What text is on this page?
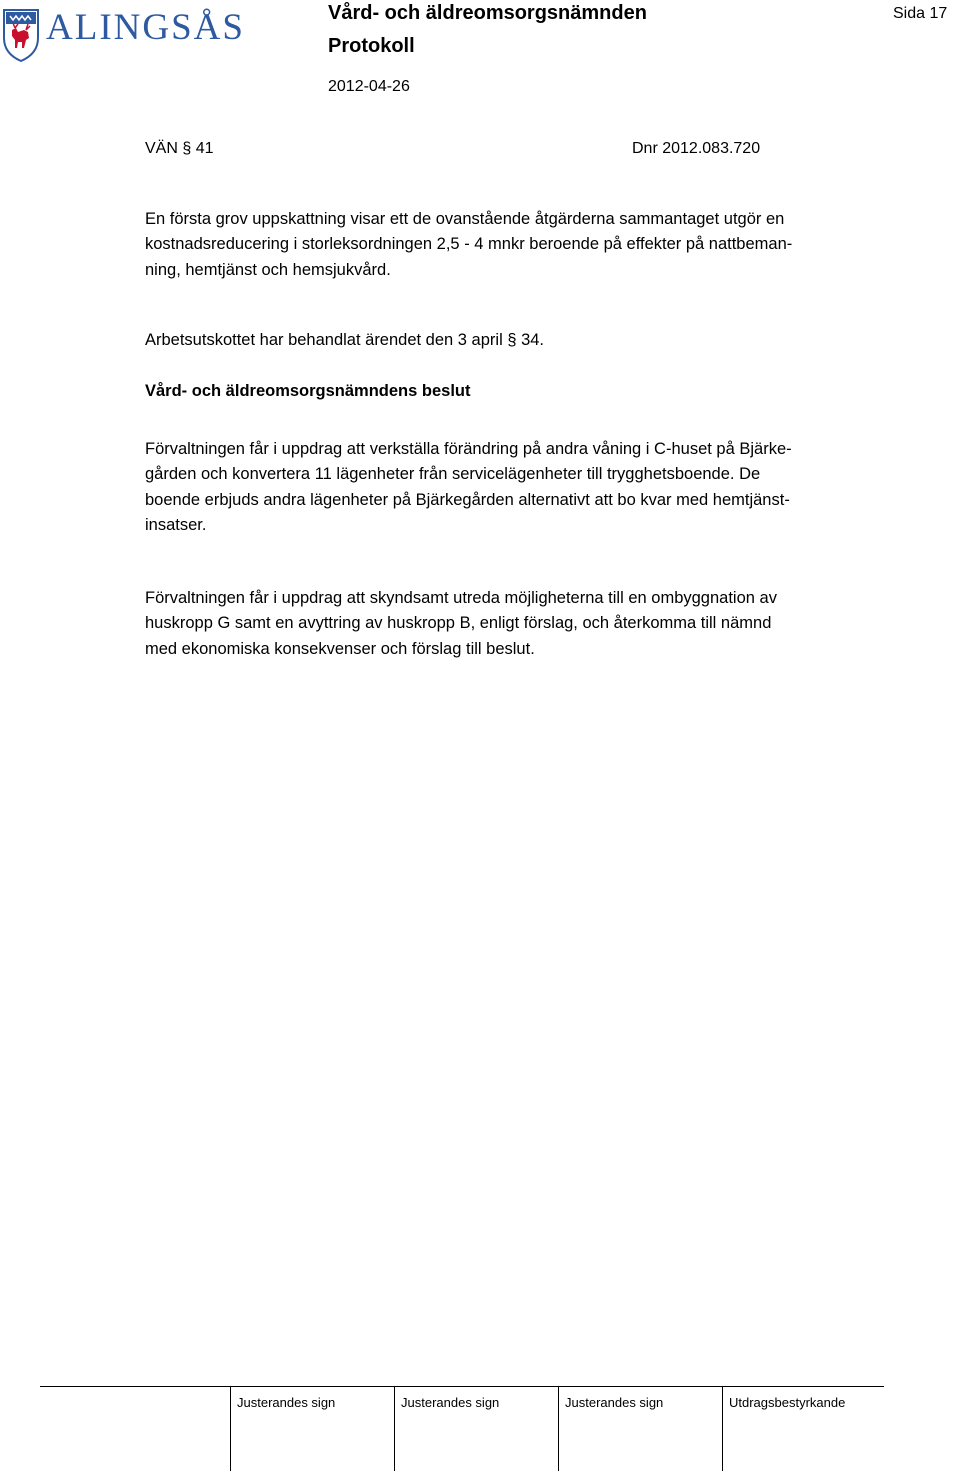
ALINGSÅS	Vård- och äldreomsorgsnämnden
Protokoll
2012-04-26
Sida 17
VÄN § 41	Dnr 2012.083.720

En första grov uppskattning visar ett de ovanstående åtgärderna sammantaget utgör en
kostnadsreducering i storleksordningen 2,5 - 4 mnkr beroende på effekter på nattbeman-
ning, hemtjänst och hemsjukvård.

Arbetsutskottet har behandlat ärendet den 3 april § 34.
Vård- och äldreomsorgsnämndens beslut

Förvaltningen får i uppdrag att verkställa förändring på andra våning i C-huset på Bjärke-
gården och konvertera 11 lägenheter från servicelägenheter till trygghetsboende. De
boende erbjuds andra lägenheter på Bjärkegården alternativt att bo kvar med hemtjänst-
insatser.

Förvaltningen får i uppdrag att skyndsamt utreda möjligheterna till en ombyggnation av
huskropp G samt en avyttring av huskropp B, enligt förslag, och återkomma till nämnd
med ekonomiska konsekvenser och förslag till beslut.

Justerandes sign	Justerandes sign	Justerandes sign	Utdragsbestyrkande
